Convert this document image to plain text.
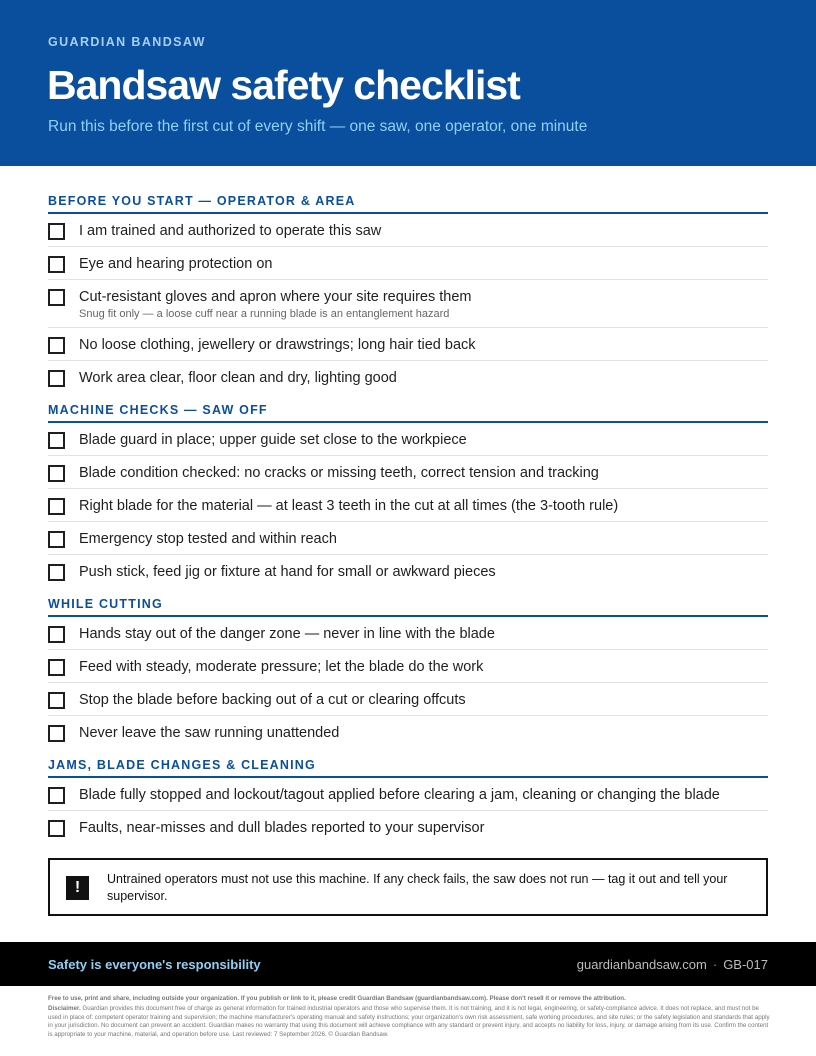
GUARDIAN BANDSAW
Bandsaw safety checklist
Run this before the first cut of every shift — one saw, one operator, one minute
BEFORE YOU START — OPERATOR & AREA
I am trained and authorized to operate this saw
Eye and hearing protection on
Cut-resistant gloves and apron where your site requires them
Snug fit only — a loose cuff near a running blade is an entanglement hazard
No loose clothing, jewellery or drawstrings; long hair tied back
Work area clear, floor clean and dry, lighting good
MACHINE CHECKS — SAW OFF
Blade guard in place; upper guide set close to the workpiece
Blade condition checked: no cracks or missing teeth, correct tension and tracking
Right blade for the material — at least 3 teeth in the cut at all times (the 3-tooth rule)
Emergency stop tested and within reach
Push stick, feed jig or fixture at hand for small or awkward pieces
WHILE CUTTING
Hands stay out of the danger zone — never in line with the blade
Feed with steady, moderate pressure; let the blade do the work
Stop the blade before backing out of a cut or clearing offcuts
Never leave the saw running unattended
JAMS, BLADE CHANGES & CLEANING
Blade fully stopped and lockout/tagout applied before clearing a jam, cleaning or changing the blade
Faults, near-misses and dull blades reported to your supervisor
!	Untrained operators must not use this machine. If any check fails, the saw does not run — tag it out and tell your supervisor.
Safety is everyone's responsibility	guardianbandsaw.com · GB-017
Free to use, print and share, including outside your organization. If you publish or link to it, please credit Guardian Bandsaw (guardianbandsaw.com). Please don't resell it or remove the attribution.
Disclaimer. Guardian provides this document free of charge as general information for trained industrial operators and those who supervise them. It is not training, and it is not legal, engineering, or safety-compliance advice. It does not replace, and must not be used in place of: competent operator training and supervision; the machine manufacturer's operating manual and safety instructions; your organization's own risk assessment, safe working procedures, and site rules; or the safety legislation and standards that apply in your jurisdiction. No document can prevent an accident. Guardian makes no warranty that using this document will achieve compliance with any standard or prevent injury, and accepts no liability for loss, injury, or damage arising from its use. Confirm the content is appropriate to your machine, material, and operation before use. Last reviewed: 7 September 2026. © Guardian Bandsaw.
